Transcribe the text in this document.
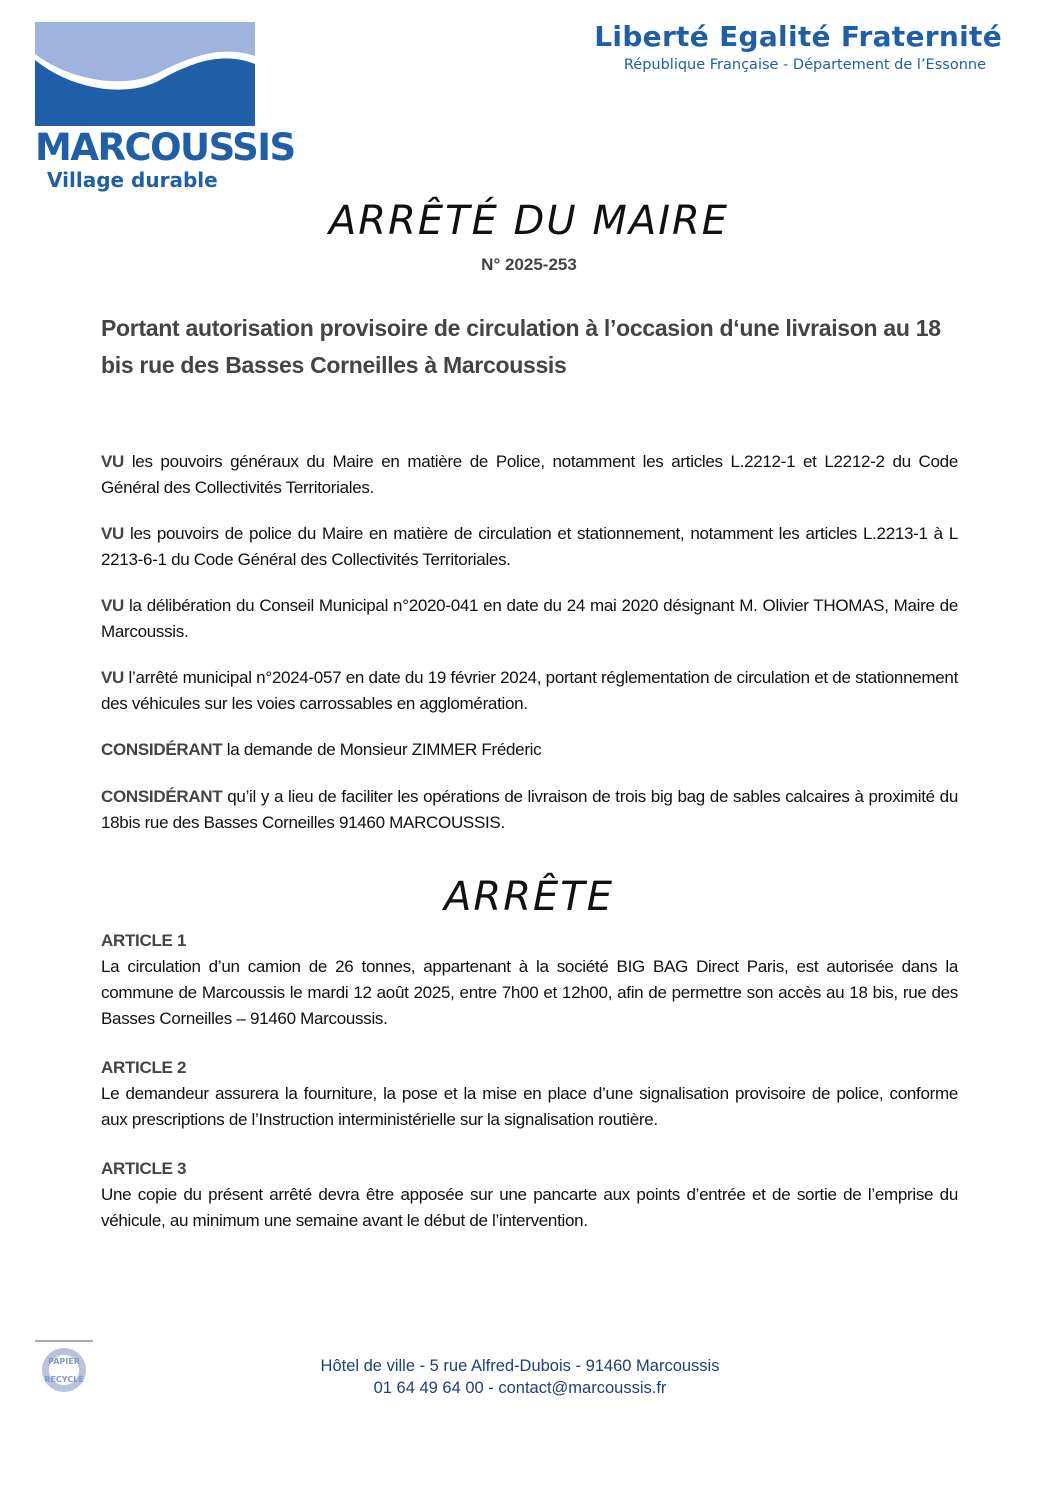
MARCOUSSIS
Village durable
Liberté Egalité Fraternité
République Française - Département de l’Essonne
ARRÊTÉ DU MAIRE
N° 2025-253
Portant autorisation provisoire de circulation à l’occasion d‘une livraison au 18 bis rue des Basses Corneilles à Marcoussis
VU les pouvoirs généraux du Maire en matière de Police, notamment les articles L.2212-1 et L2212-2 du Code Général des Collectivités Territoriales.
VU les pouvoirs de police du Maire en matière de circulation et stationnement, notamment les articles L.2213-1 à L 2213-6-1 du Code Général des Collectivités Territoriales.
VU la délibération du Conseil Municipal n°2020-041 en date du 24 mai 2020 désignant M. Olivier THOMAS, Maire de Marcoussis.
VU l’arrêté municipal n°2024-057 en date du 19 février 2024, portant réglementation de circulation et de stationnement des véhicules sur les voies carrossables en agglomération.
CONSIDÉRANT la demande de Monsieur ZIMMER Fréderic
CONSIDÉRANT qu’il y a lieu de faciliter les opérations de livraison de trois big bag de sables calcaires à proximité du 18bis rue des Basses Corneilles 91460 MARCOUSSIS.
ARRÊTE
ARTICLE 1
La circulation d’un camion de 26 tonnes, appartenant à la société BIG BAG Direct Paris, est autorisée dans la commune de Marcoussis le mardi 12 août 2025, entre 7h00 et 12h00, afin de permettre son accès au 18 bis, rue des Basses Corneilles – 91460 Marcoussis.
ARTICLE 2
Le demandeur assurera la fourniture, la pose et la mise en place d’une signalisation provisoire de police, conforme aux prescriptions de l’Instruction interministérielle sur la signalisation routière.
ARTICLE 3
Une copie du présent arrêté devra être apposée sur une pancarte aux points d’entrée et de sortie de l’emprise du véhicule, au minimum une semaine avant le début de l’intervention.
PAPIER
RECYCLÉ
Hôtel de ville - 5 rue Alfred-Dubois - 91460 Marcoussis
01 64 49 64 00 - contact@marcoussis.fr
